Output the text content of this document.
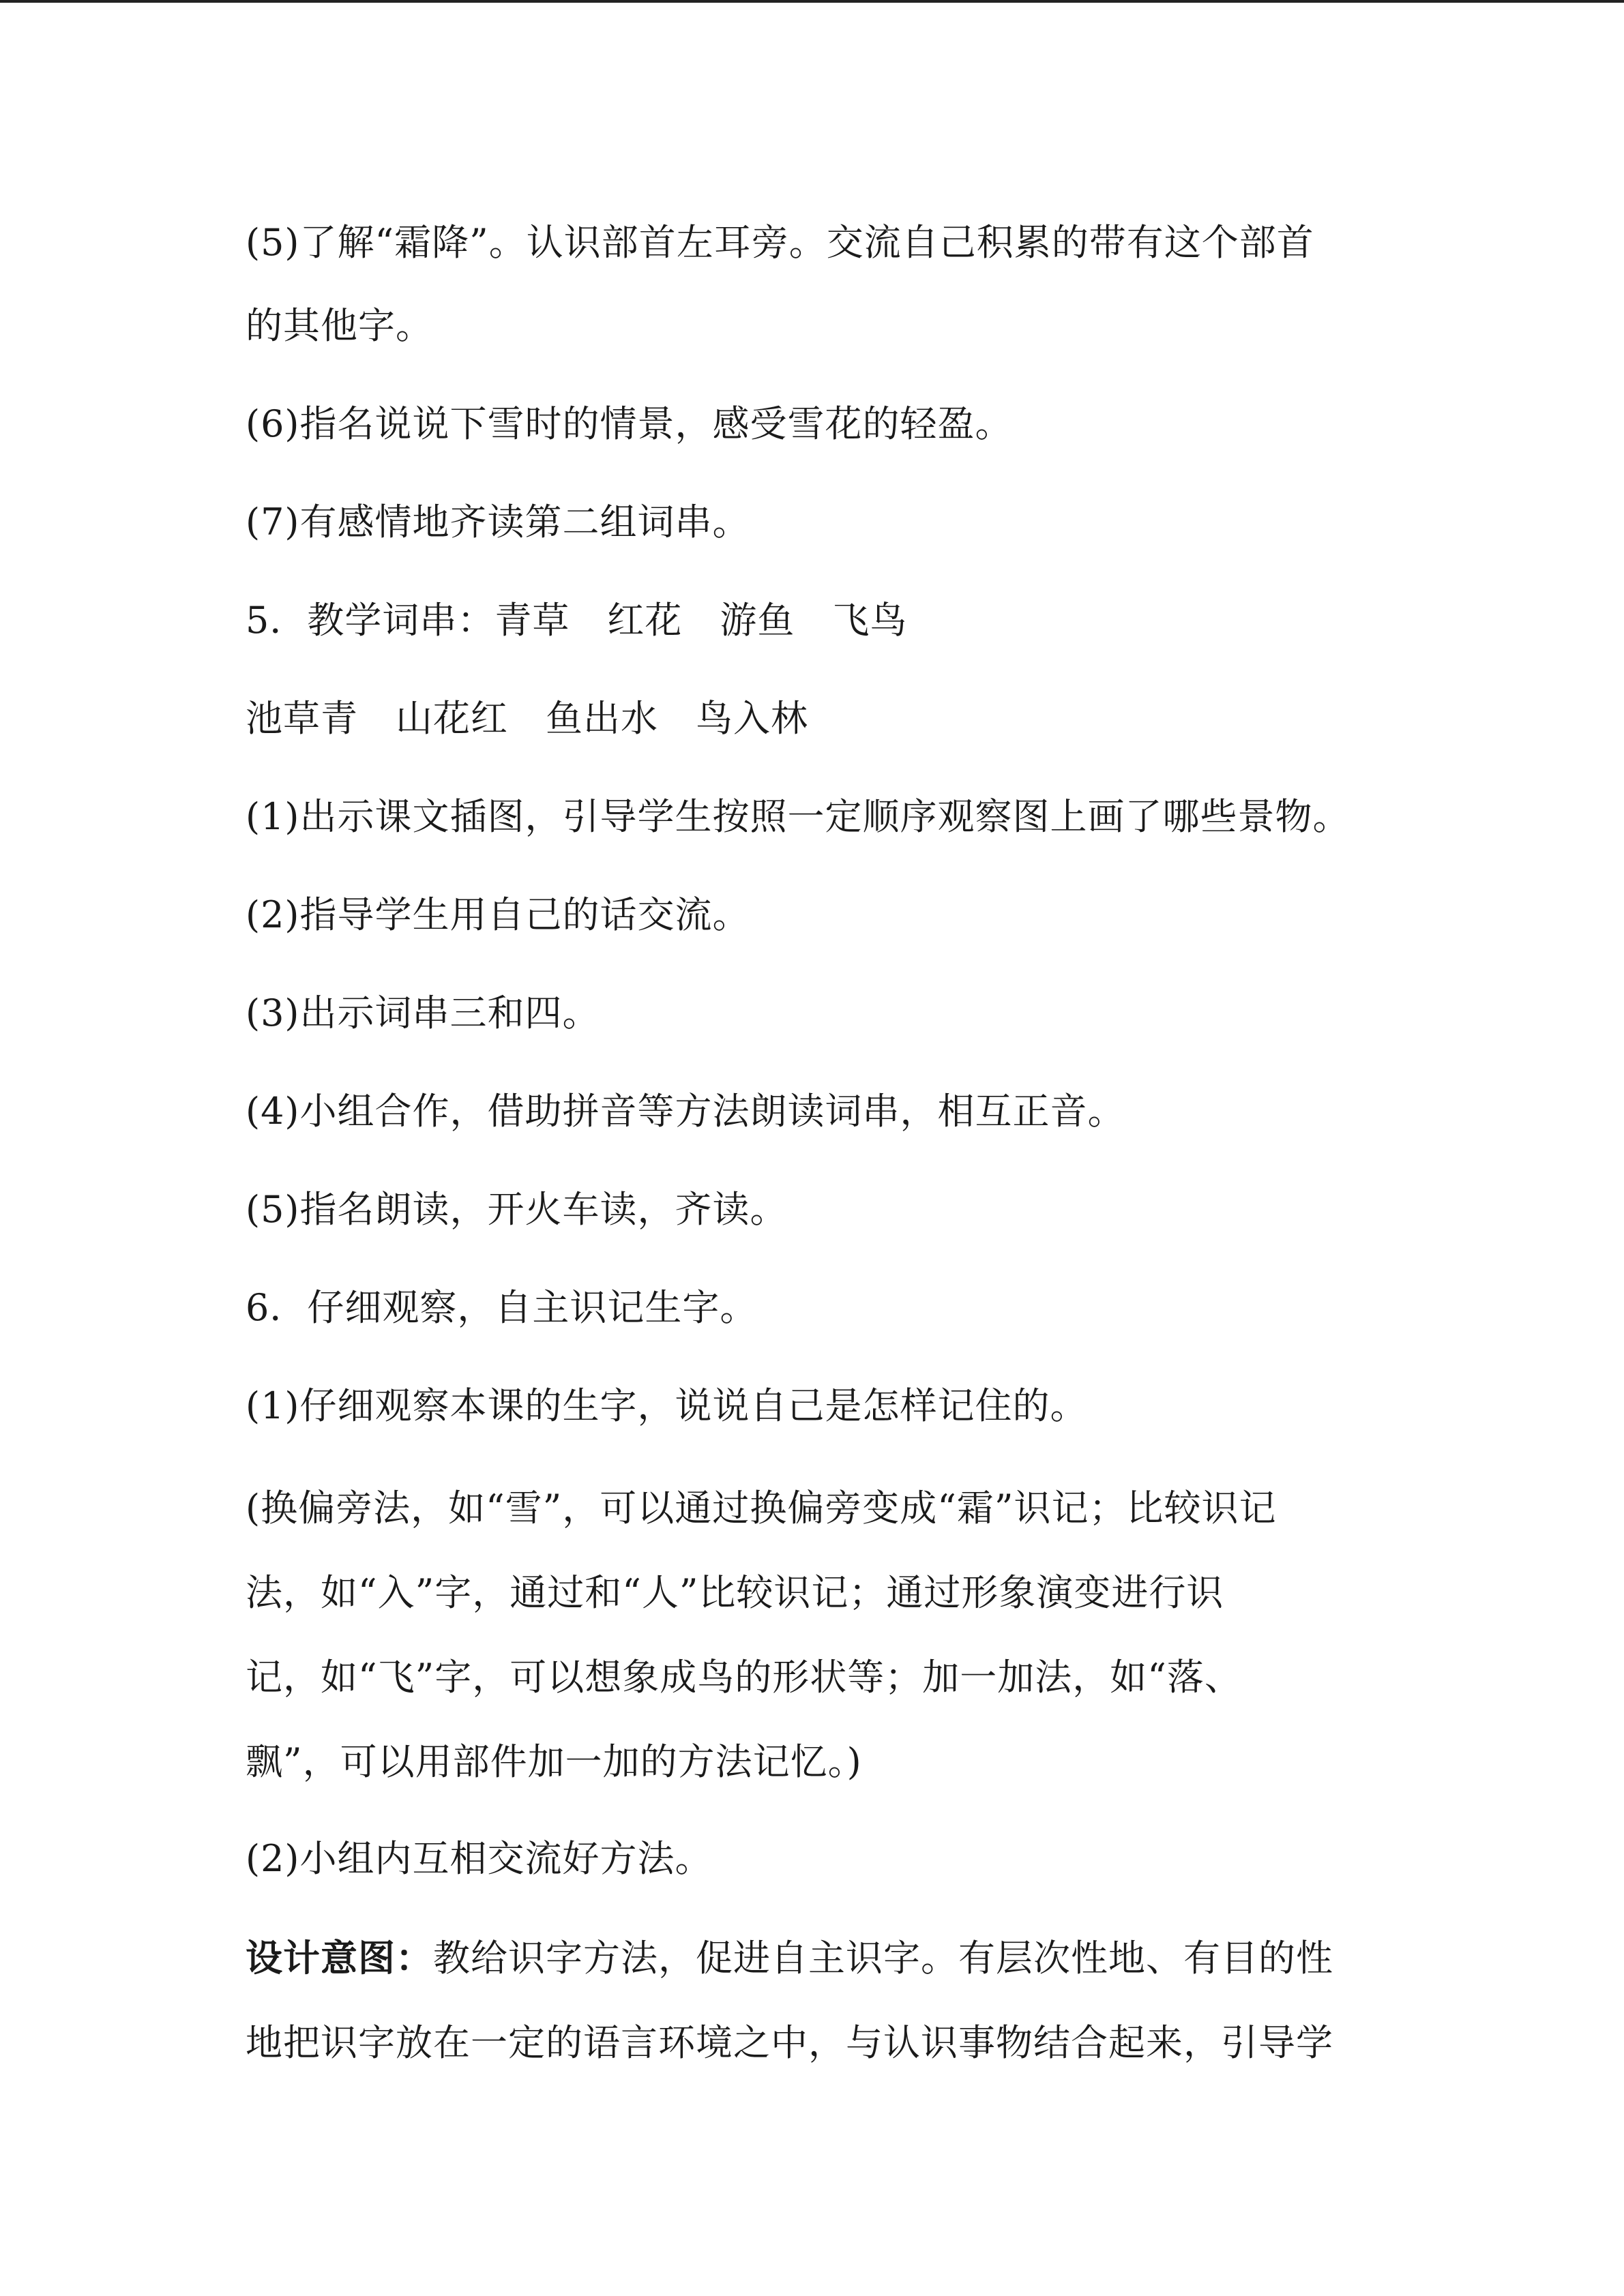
(5)了解“霜降”。认识部首左耳旁。交流自己积累的带有这个部首
的其他字。
(6)指名说说下雪时的情景，感受雪花的轻盈。
(7)有感情地齐读第二组词串。
5．教学词串：青草　红花　游鱼　飞鸟
池草青　山花红　鱼出水　鸟入林
(1)出示课文插图，引导学生按照一定顺序观察图上画了哪些景物。
(2)指导学生用自己的话交流。
(3)出示词串三和四。
(4)小组合作，借助拼音等方法朗读词串，相互正音。
(5)指名朗读，开火车读，齐读。
6．仔细观察，自主识记生字。
(1)仔细观察本课的生字，说说自己是怎样记住的。
(换偏旁法，如“雪”，可以通过换偏旁变成“霜”识记；比较识记
法，如“入”字，通过和“人”比较识记；通过形象演变进行识
记，如“飞”字，可以想象成鸟的形状等；加一加法，如“落、
飘”，可以用部件加一加的方法记忆。)
(2)小组内互相交流好方法。
设计意图：教给识字方法，促进自主识字。有层次性地、有目的性
地把识字放在一定的语言环境之中，与认识事物结合起来，引导学
